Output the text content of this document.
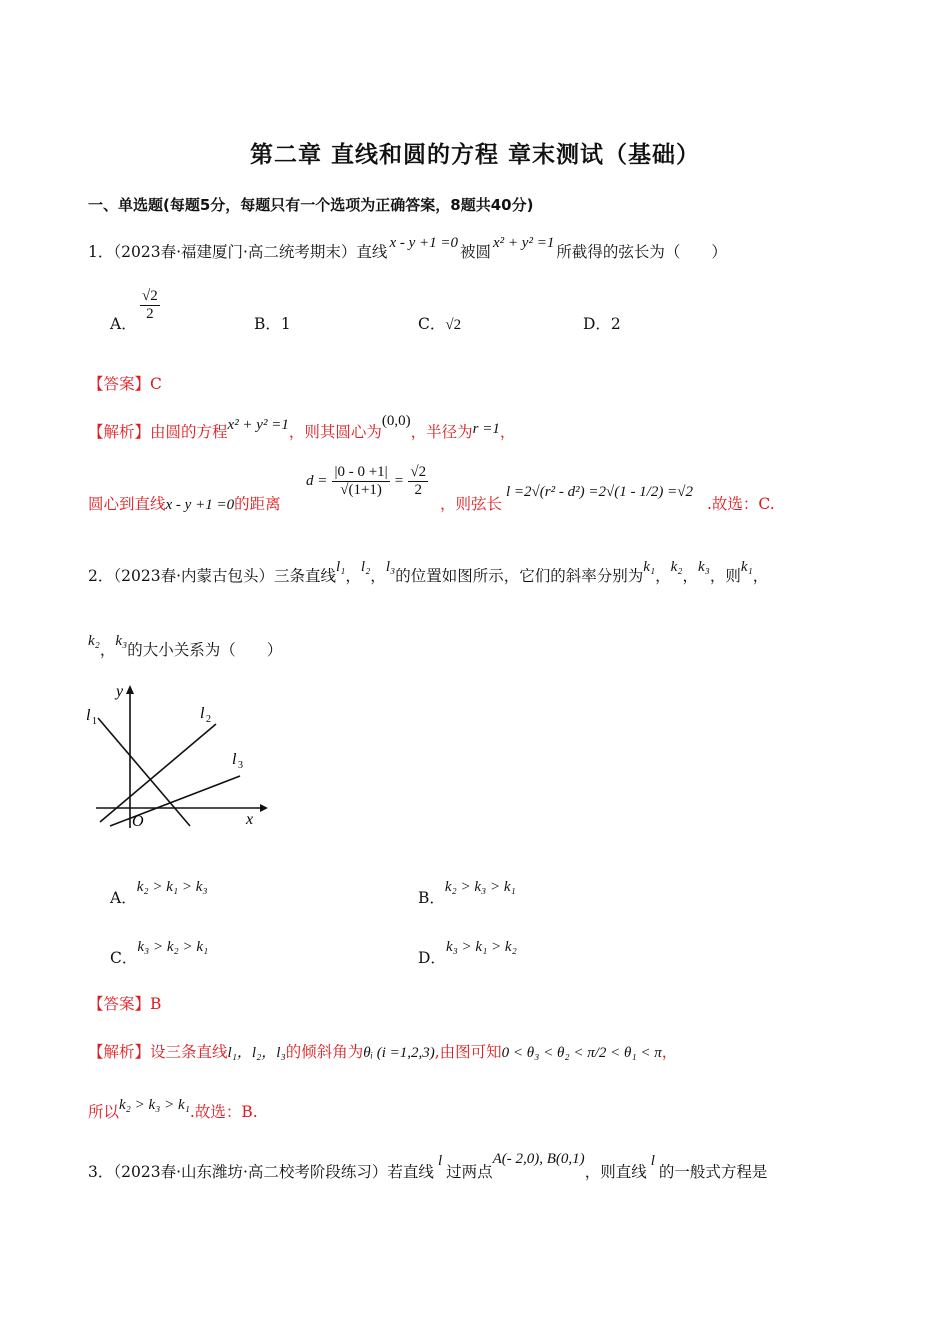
第二章 直线和圆的方程 章末测试（基础）
一、单选题(每题5分，每题只有一个选项为正确答案，8题共40分)
1．（2023春·福建厦门·高二统考期末）直线 x - y +1 =0 被圆 x² + y² =1 所截得的弦长为（　　）
A．
$\frac{√2}{2}$
B．1	C．√2	D．2
【答案】C
【解析】由圆的方程x² + y² =1，则其圆心为(0,0)，半径为r =1，
圆心到直线x - y +1 =0的距离
$d = \frac{|0 - 0 +1|}{√(1+1)} = \frac{√2}{2}$
，则弦长
l =2√(r² - d²) =2√(1 - 1/2) =√2
.故选：C.
2．（2023春·内蒙古包头）三条直线l₁，l₂，l₃的位置如图所示，它们的斜率分别为k₁，k₂，k₃，则k₁，
k₂，k₃的大小关系为（　　）
y
x
O
l 1	l 2
l 3
A．k₂ > k₁ > k₃
B．k₂ > k₃ > k₁
C．k₃ > k₂ > k₁
D．k₃ > k₁ > k₂
【答案】B
【解析】设三条直线l₁，l₂，l₃的倾斜角为θᵢ (i =1,2,3),由图可知0 < θ₃ < θ₂ < π/2 < θ₁ < π，
所以k₂ > k₃ > k₁.故选：B.
3．（2023春·山东潍坊·高二校考阶段练习）若直线l过两点A(- 2,0), B(0,1)，则直线l的一般式方程是
